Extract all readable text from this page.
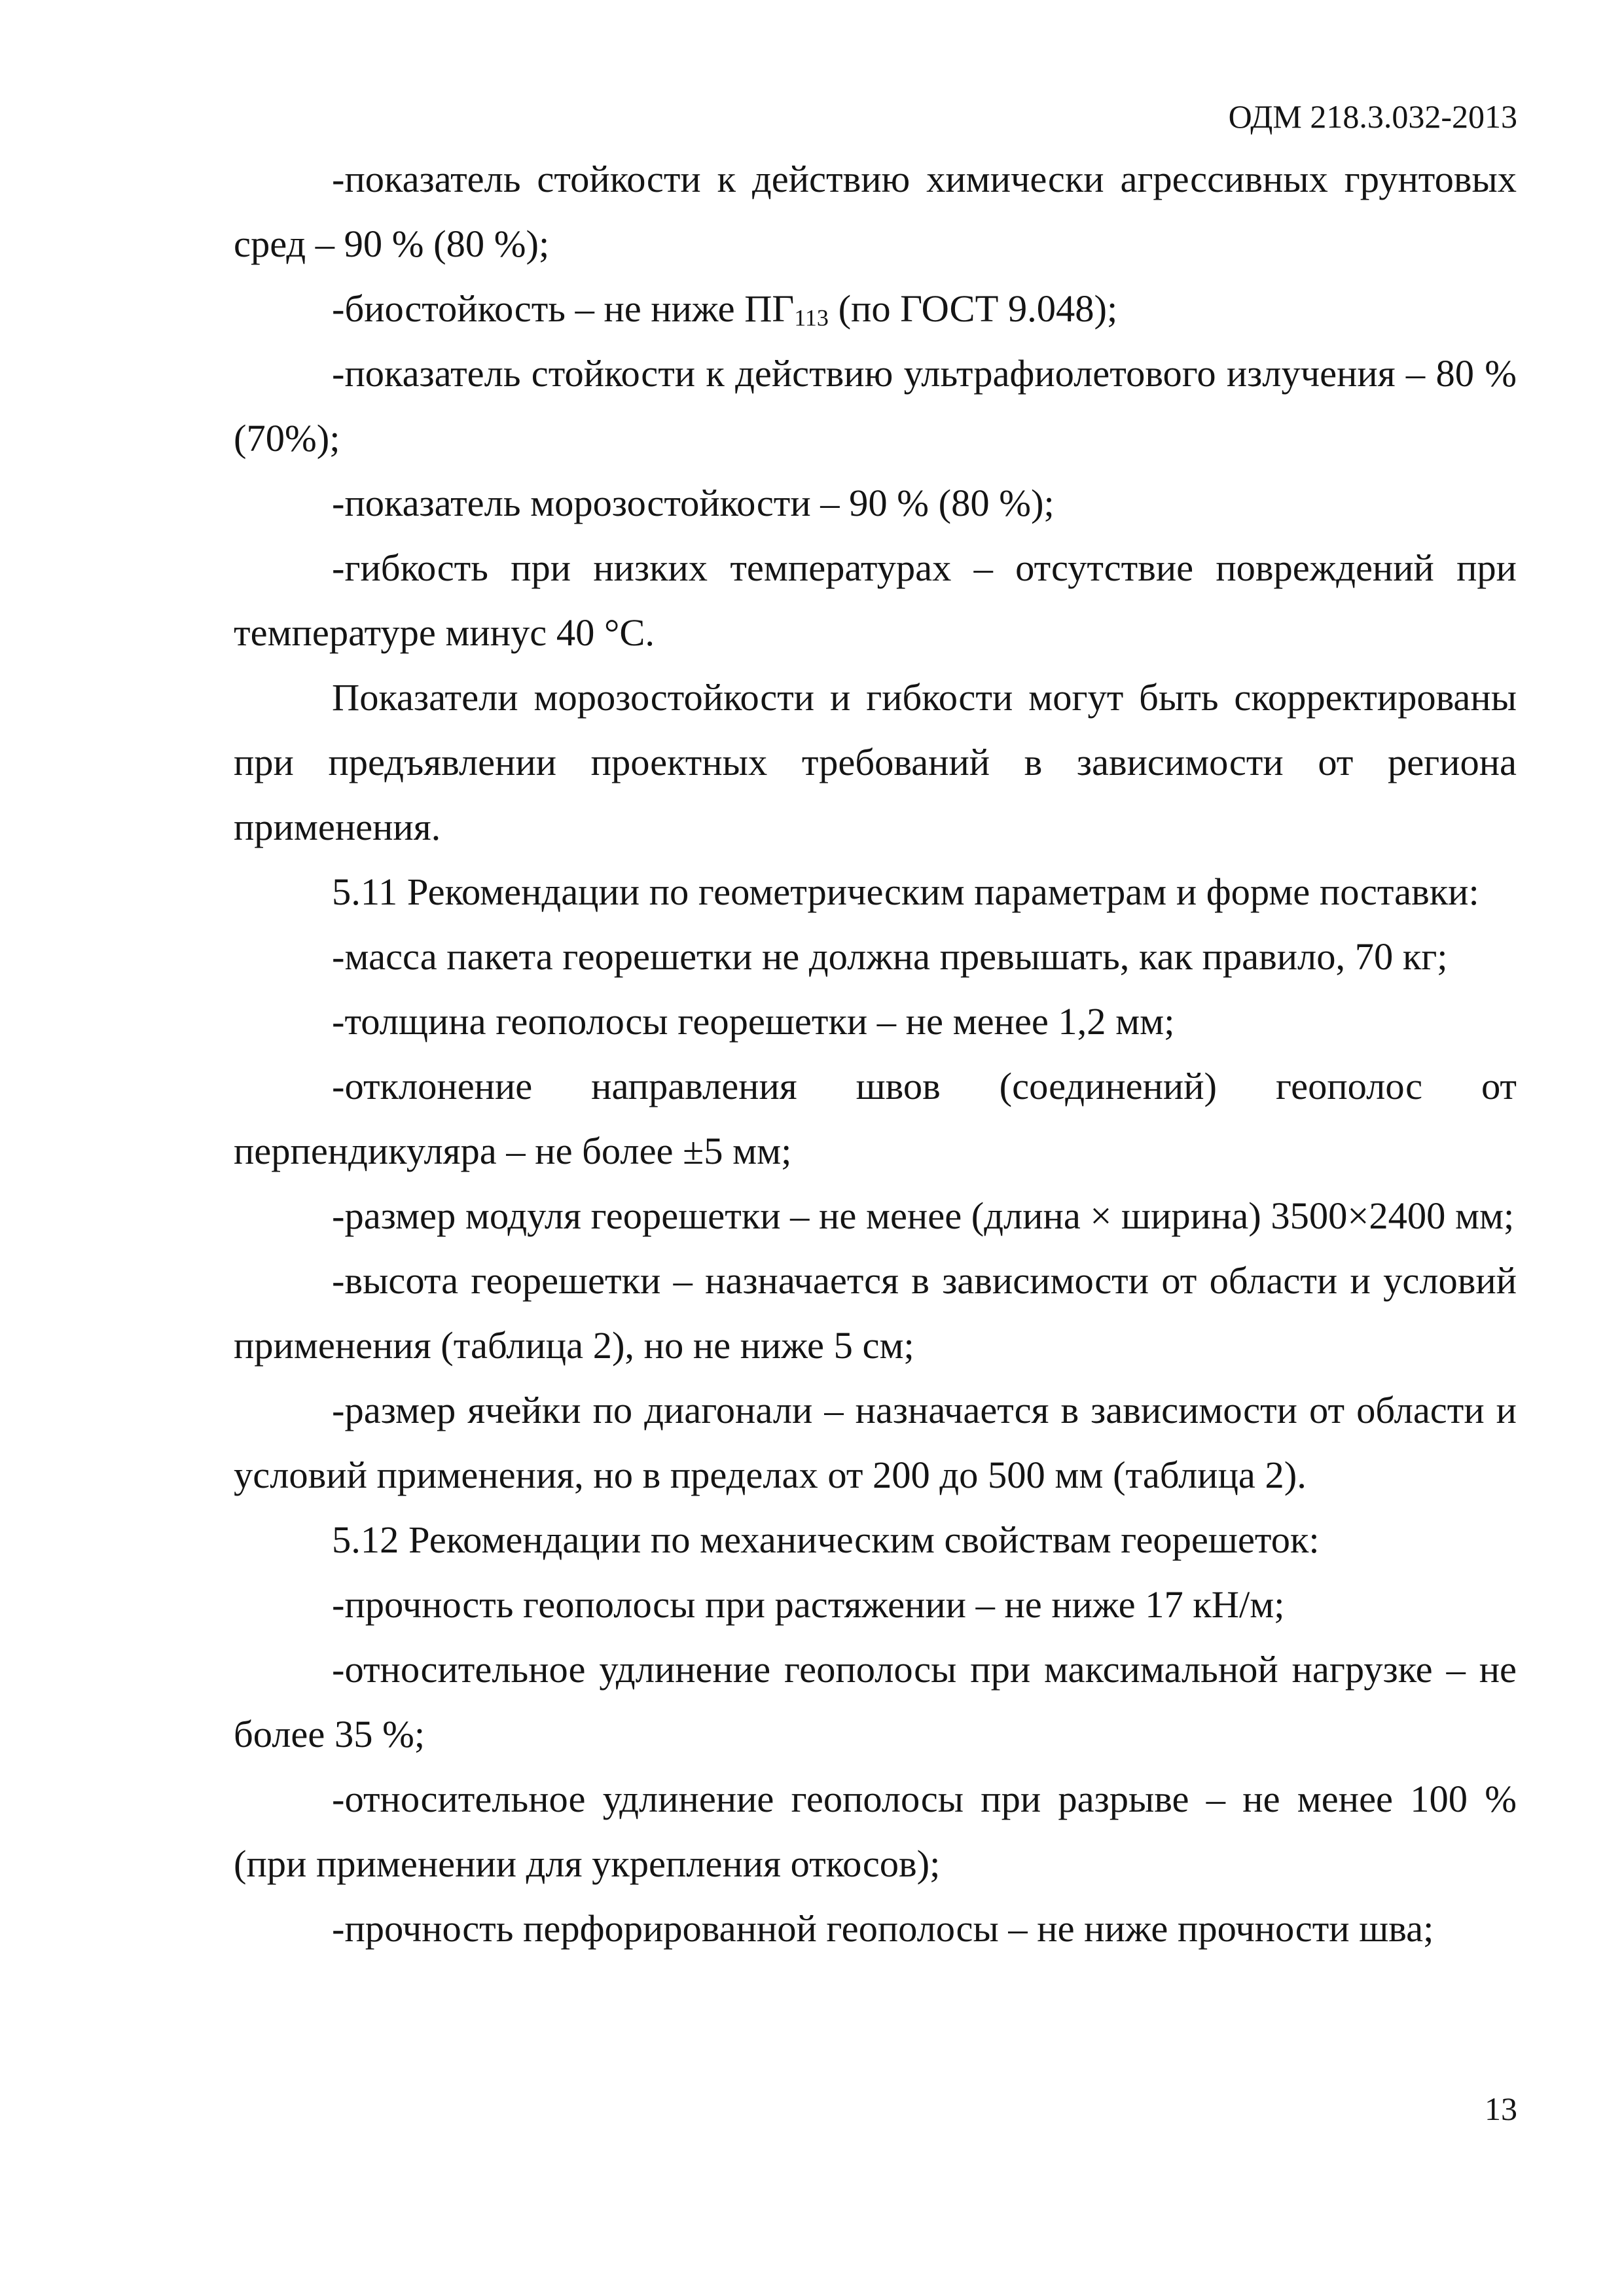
ОДМ 218.3.032-2013

-показатель стойкости к действию химически агрессивных грунтовых сред – 90 % (80 %);

-биостойкость – не ниже $ПГ_{113}$ (по ГОСТ 9.048);

-показатель стойкости к действию ультрафиолетового излучения – 80 % (70%);

-показатель морозостойкости – 90 % (80 %);

-гибкость при низких температурах – отсутствие повреждений при температуре минус 40 °С.

Показатели морозостойкости и гибкости могут быть скорректированы при предъявлении проектных требований в зависимости от региона применения.

5.11 Рекомендации по геометрическим параметрам и форме поставки:

-масса пакета георешетки не должна превышать, как правило, 70 кг;

-толщина геополосы георешетки – не менее 1,2 мм;

-отклонение направления швов (соединений) геополос от перпендикуляра – не более ±5 мм;

-размер модуля георешетки – не менее (длина × ширина) 3500×2400 мм;

-высота георешетки – назначается в зависимости от области и условий применения (таблица 2), но не ниже 5 см;

-размер ячейки по диагонали – назначается в зависимости от области и условий применения, но в пределах от 200 до 500 мм (таблица 2).

5.12 Рекомендации по механическим свойствам георешеток:

-прочность геополосы при растяжении – не ниже 17 кН/м;

-относительное удлинение геополосы при максимальной нагрузке – не более 35 %;

-относительное удлинение геополосы при разрыве – не менее 100 % (при применении для укрепления откосов);

-прочность перфорированной геополосы – не ниже прочности шва;

13
